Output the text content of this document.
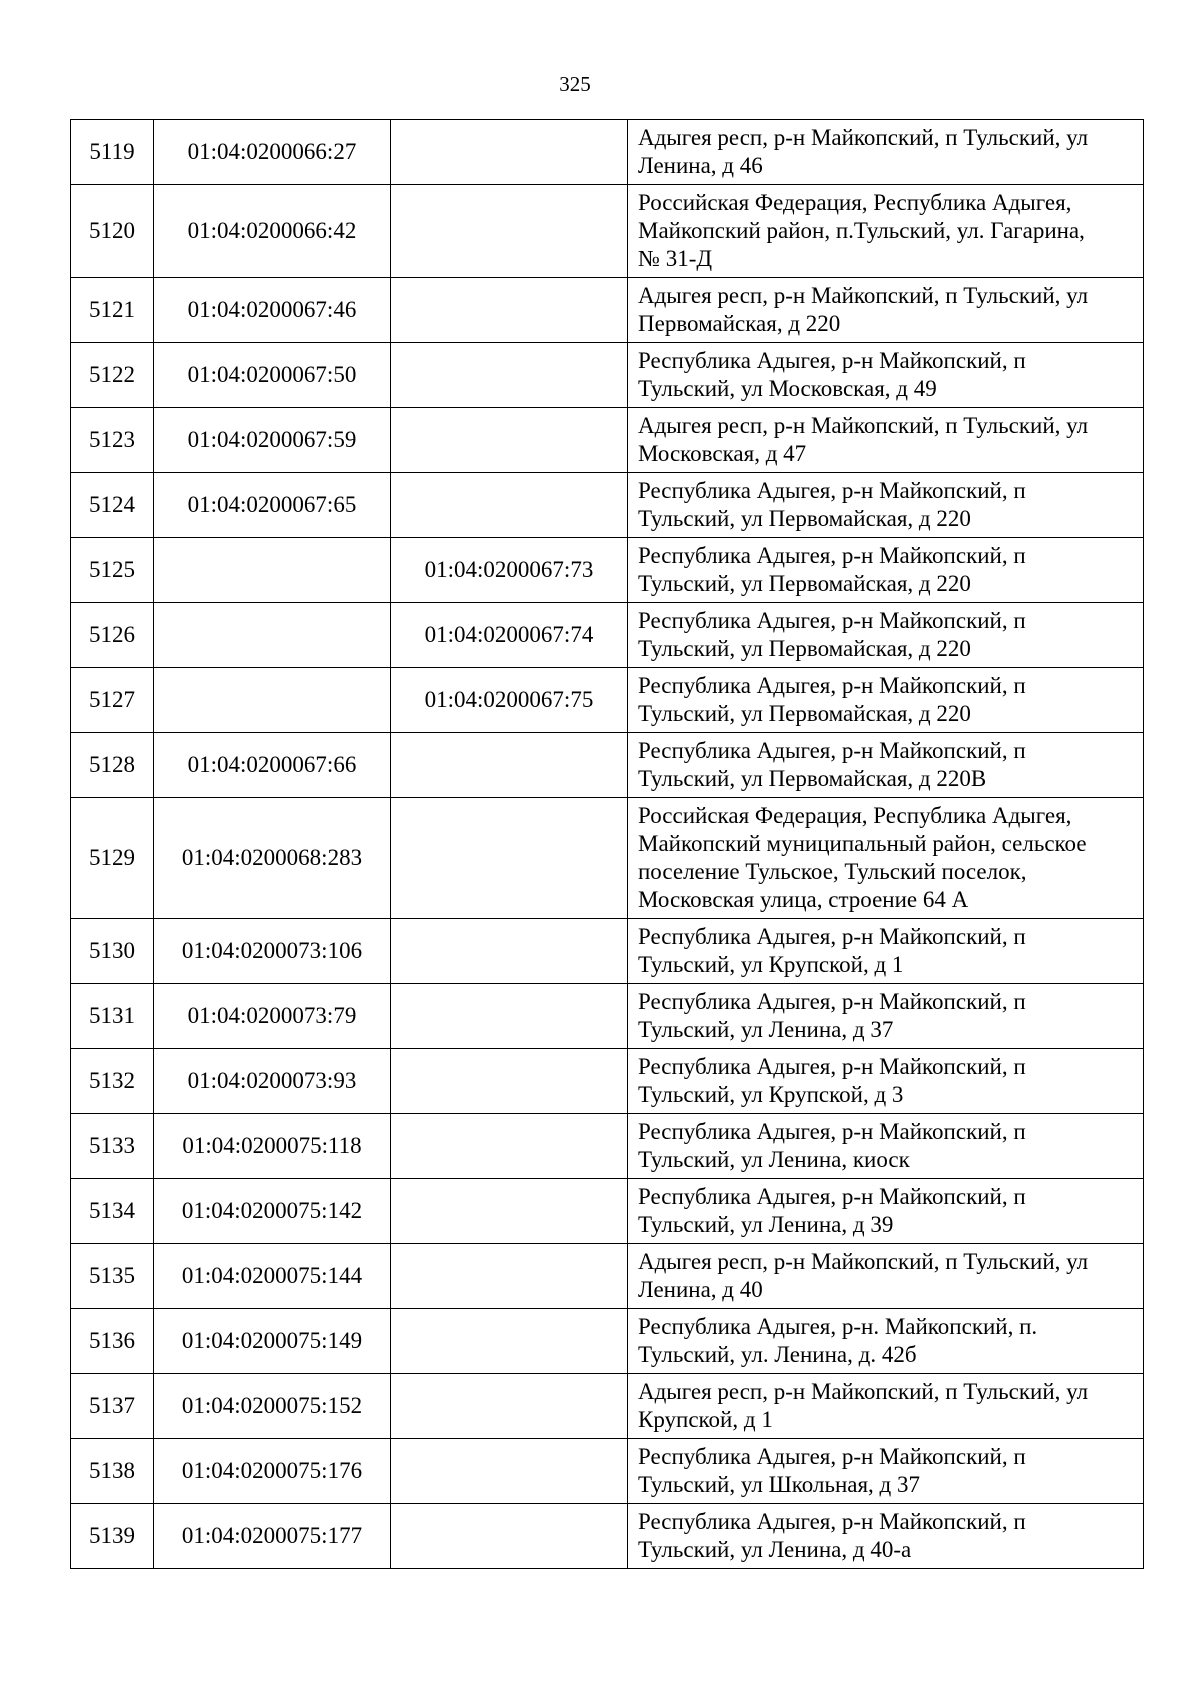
325
5119	01:04:0200066:27		Адыгея респ, р-н Майкопский, п Тульский, ул
Ленина, д 46

5120	01:04:0200066:42		Российская Федерация, Республика Адыгея,
Майкопский район, п.Тульский, ул. Гагарина,
№ 31-Д

5121	01:04:0200067:46		Адыгея респ, р-н Майкопский, п Тульский, ул
Первомайская, д 220

5122	01:04:0200067:50		Республика Адыгея, р-н Майкопский, п
Тульский, ул Московская, д 49

5123	01:04:0200067:59		Адыгея респ, р-н Майкопский, п Тульский, ул
Московская, д 47

5124	01:04:0200067:65		Республика Адыгея, р-н Майкопский, п
Тульский, ул Первомайская, д 220

5125		01:04:0200067:73	Республика Адыгея, р-н Майкопский, п
Тульский, ул Первомайская, д 220

5126		01:04:0200067:74	Республика Адыгея, р-н Майкопский, п
Тульский, ул Первомайская, д 220

5127		01:04:0200067:75	Республика Адыгея, р-н Майкопский, п
Тульский, ул Первомайская, д 220

5128	01:04:0200067:66		Республика Адыгея, р-н Майкопский, п
Тульский, ул Первомайская, д 220В

5129	01:04:0200068:283		Российская Федерация, Республика Адыгея,
Майкопский муниципальный район, сельское
поселение Тульское, Тульский поселок,
Московская улица, строение 64 А

5130	01:04:0200073:106		Республика Адыгея, р-н Майкопский, п
Тульский, ул Крупской, д 1

5131	01:04:0200073:79		Республика Адыгея, р-н Майкопский, п
Тульский, ул Ленина, д 37

5132	01:04:0200073:93		Республика Адыгея, р-н Майкопский, п
Тульский, ул Крупской, д 3

5133	01:04:0200075:118		Республика Адыгея, р-н Майкопский, п
Тульский, ул Ленина, киоск

5134	01:04:0200075:142		Республика Адыгея, р-н Майкопский, п
Тульский, ул Ленина, д 39

5135	01:04:0200075:144		Адыгея респ, р-н Майкопский, п Тульский, ул
Ленина, д 40

5136	01:04:0200075:149		Республика Адыгея, р-н. Майкопский, п.
Тульский, ул. Ленина, д. 42б

5137	01:04:0200075:152		Адыгея респ, р-н Майкопский, п Тульский, ул
Крупской, д 1

5138	01:04:0200075:176		Республика Адыгея, р-н Майкопский, п
Тульский, ул Школьная, д 37

5139	01:04:0200075:177		Республика Адыгея, р-н Майкопский, п
Тульский, ул Ленина, д 40-а
